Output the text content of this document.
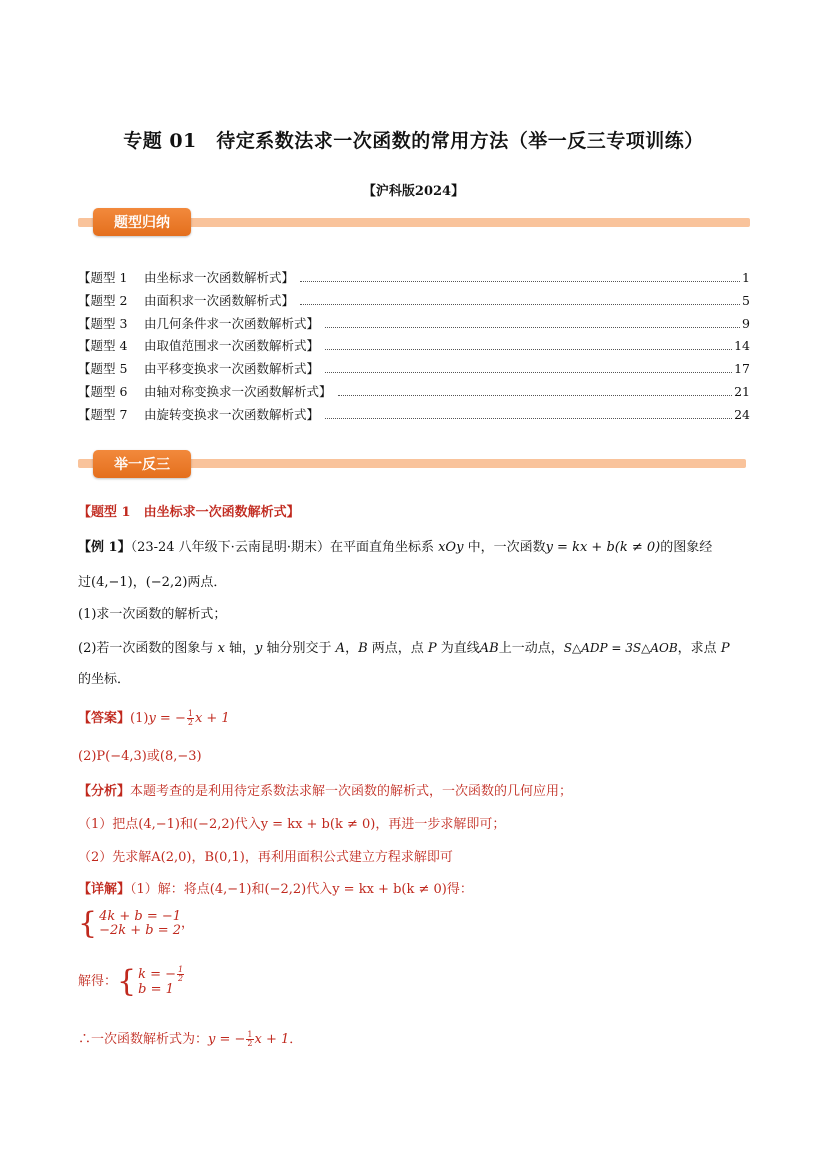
专题 01　待定系数法求一次函数的常用方法（举一反三专项训练）
【沪科版2024】
题型归纳
【题型 1	由坐标求一次函数解析式】	1
【题型 2	由面积求一次函数解析式】	5
【题型 3	由几何条件求一次函数解析式】	9
【题型 4	由取值范围求一次函数解析式】	14
【题型 5	由平移变换求一次函数解析式】	17
【题型 6	由轴对称变换求一次函数解析式】	21
【题型 7	由旋转变换求一次函数解析式】	24
举一反三
【题型 1　由坐标求一次函数解析式】
【例 1】（23-24 八年级下·云南昆明·期末）在平面直角坐标系 xOy 中，一次函数y = kx + b(k ≠ 0)的图象经
过(4,−1)，(−2,2)两点．
(1)求一次函数的解析式；
(2)若一次函数的图象与 x 轴，y 轴分别交于 A，B 两点，点 P 为直线AB上一动点，S△ADP = 3S△AOB，求点 P
的坐标．
【答案】(1)y = − $\frac{1}{2}$ x + 1
(2)P(−4,3)或(8,−3)
【分析】本题考查的是利用待定系数法求解一次函数的解析式，一次函数的几何应用；
（1）把点(4,−1)和(−2,2)代入y = kx + b(k ≠ 0)，再进一步求解即可；
（2）先求解A(2,0)，B(0,1)，再利用面积公式建立方程求解即可
【详解】（1）解：将点(4,−1)和(−2,2)代入y = kx + b(k ≠ 0)得：
{ 4k + b = −1
−2k + b = 2 ，
解得： { k = − $\frac{1}{2}$
b = 1
∴一次函数解析式为：y = − $\frac{1}{2}$ x + 1．
